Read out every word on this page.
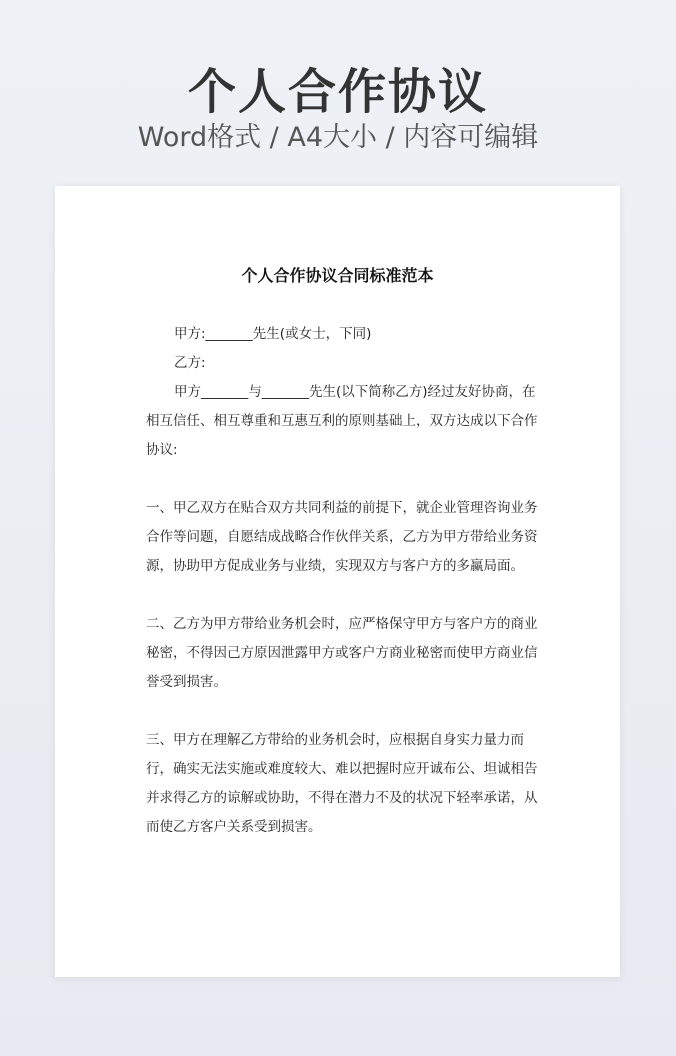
个人合作协议
Word格式 / A4大小 / 内容可编辑
个人合作协议合同标准范本

甲方:_______先生(或女士，下同)

乙方:

甲方_______与_______先生(以下简称乙方)经过友好协商，在相互信任、相互尊重和互惠互利的原则基础上，双方达成以下合作协议:

一、甲乙双方在贴合双方共同利益的前提下，就企业管理咨询业务合作等问题，自愿结成战略合作伙伴关系，乙方为甲方带给业务资源，协助甲方促成业务与业绩，实现双方与客户方的多赢局面。

二、乙方为甲方带给业务机会时，应严格保守甲方与客户方的商业秘密，不得因己方原因泄露甲方或客户方商业秘密而使甲方商业信誉受到损害。

三、甲方在理解乙方带给的业务机会时，应根据自身实力量力而行，确实无法实施或难度较大、难以把握时应开诚布公、坦诚相告并求得乙方的谅解或协助，不得在潜力不及的状况下轻率承诺，从而使乙方客户关系受到损害。
